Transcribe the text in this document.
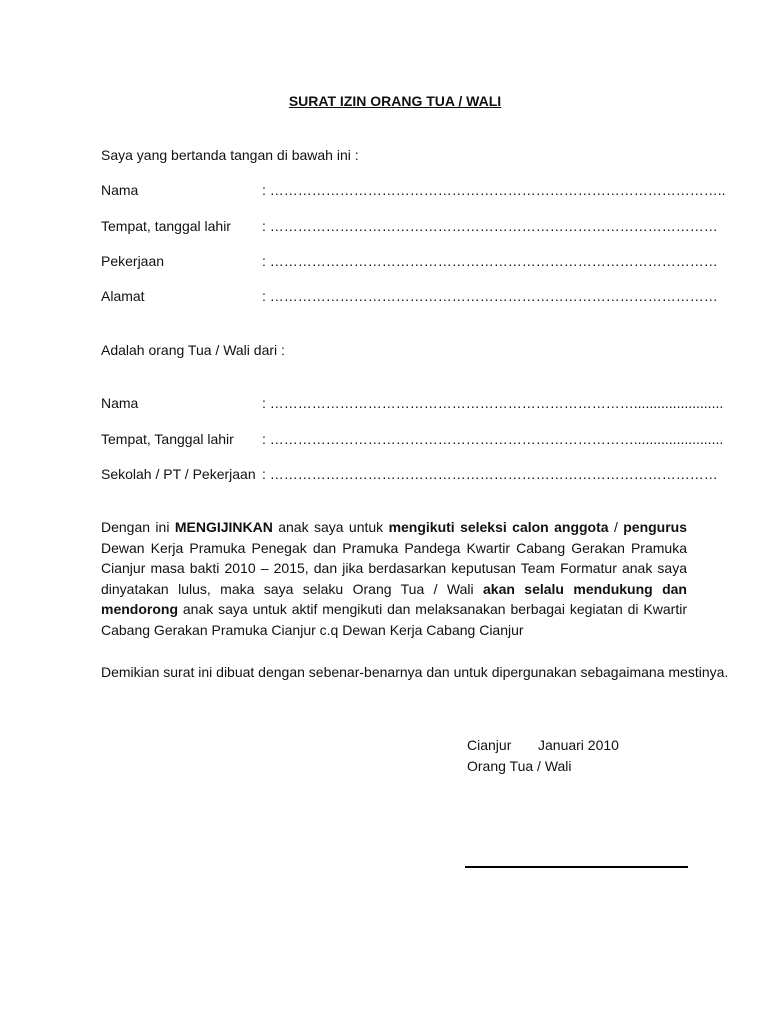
SURAT IZIN ORANG TUA / WALI
Saya yang bertanda tangan di bawah ini :
Nama	: ……………………………………………………………………………………..
Tempat, tanggal lahir : ……………………………………………………………………………………
Pekerjaan	: ……………………………………………………………………………………
Alamat	: ……………………………………………………………………………………
Adalah orang Tua / Wali dari :
Nama	: …………………………………………………………………….......................
Tempat, Tanggal lahir : …………………………………………………………………….......................
Sekolah / PT / Pekerjaan : ……………………………………………………………………………………
Dengan ini MENGIJINKAN anak saya untuk mengikuti seleksi calon anggota / pengurus Dewan Kerja Pramuka Penegak dan Pramuka Pandega Kwartir Cabang Gerakan Pramuka Cianjur masa bakti 2010 – 2015, dan jika berdasarkan keputusan Team Formatur anak saya dinyatakan lulus, maka saya selaku Orang Tua / Wali akan selalu mendukung dan mendorong anak saya untuk aktif mengikuti dan melaksanakan berbagai kegiatan di Kwartir Cabang Gerakan Pramuka Cianjur c.q Dewan Kerja Cabang Cianjur
Demikian surat ini dibuat dengan sebenar-benarnya dan untuk dipergunakan sebagaimana mestinya.
Cianjur Januari 2010
Orang Tua / Wali
